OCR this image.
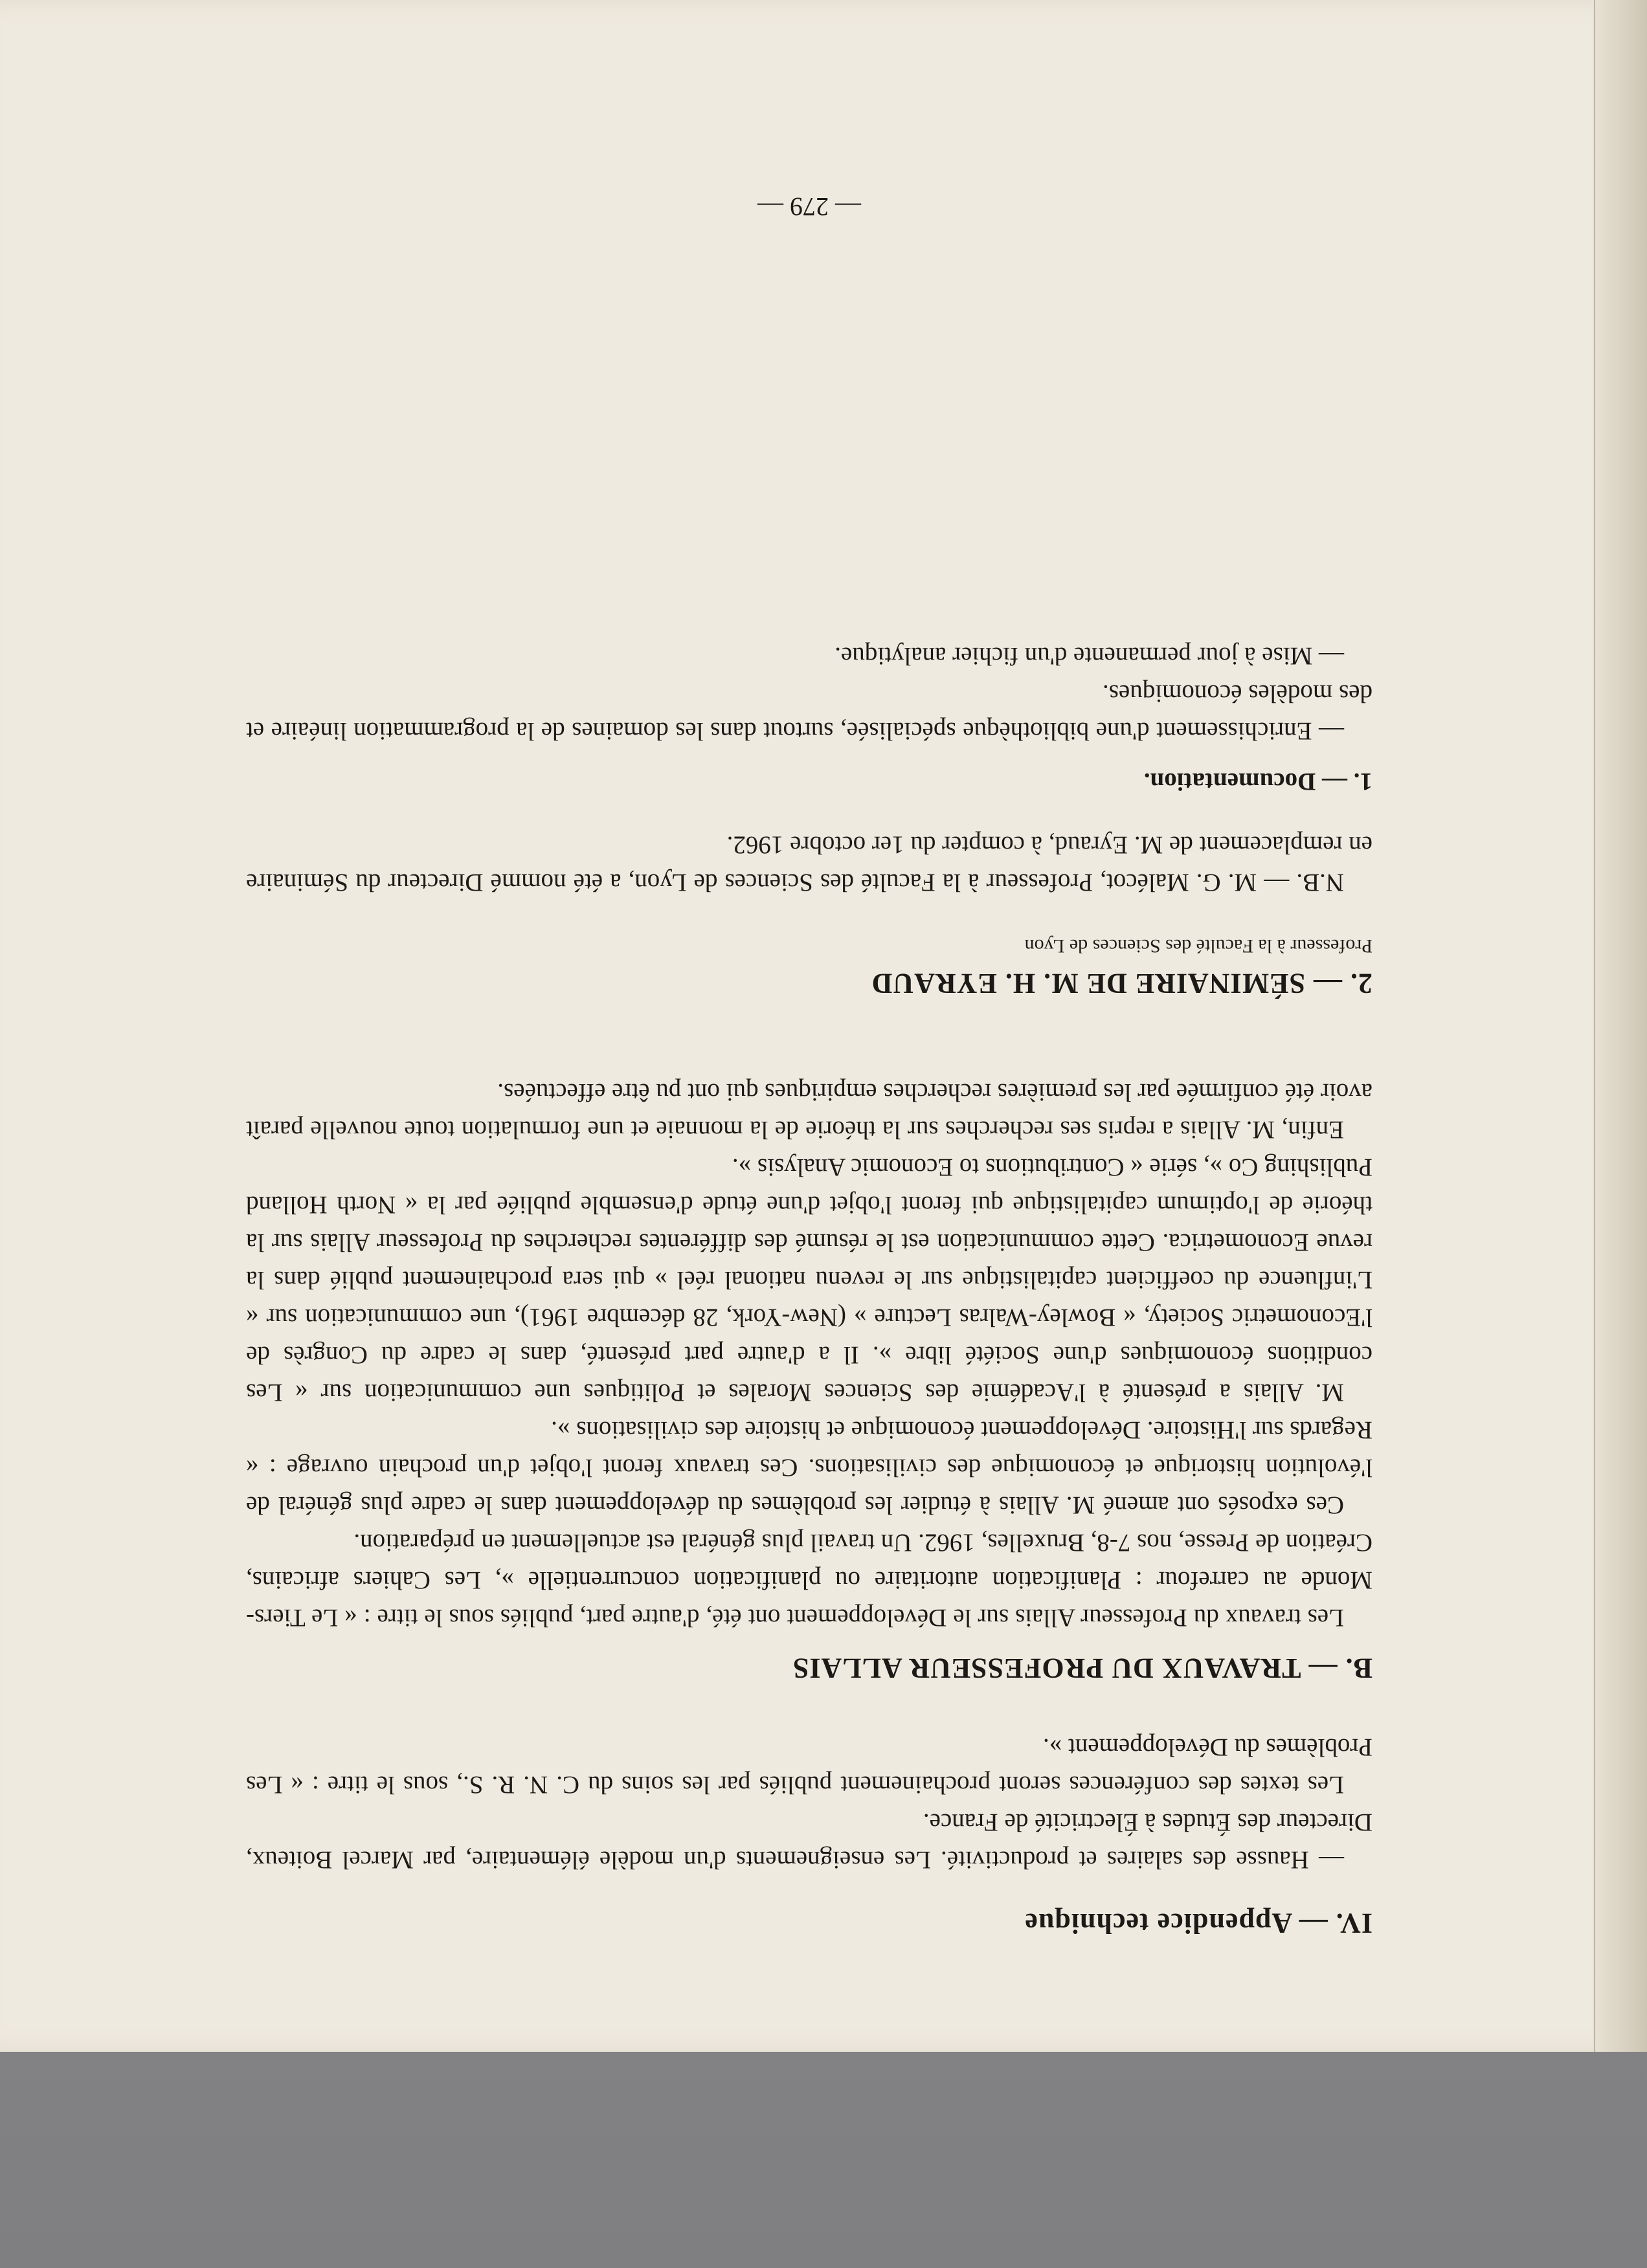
IV. — Appendice technique

— Hausse des salaires et productivité. Les enseignements d'un modèle élémentaire, par Marcel Boiteux, Directeur des Études à Électricité de France.

Les textes des conférences seront prochainement publiés par les soins du C. N. R. S., sous le titre : « Les Problèmes du Développement ».

B. — TRAVAUX DU PROFESSEUR ALLAIS

Les travaux du Professeur Allais sur le Développement ont été, d'autre part, publiés sous le titre : « Le Tiers-Monde au carrefour : Planification autoritaire ou planification concurrentielle », Les Cahiers africains, Création de Presse, nos 7-8, Bruxelles, 1962. Un travail plus général est actuellement en préparation.

Ces exposés ont amené M. Allais à étudier les problèmes du développement dans le cadre plus général de l'évolution historique et économique des civilisations. Ces travaux feront l'objet d'un prochain ouvrage : « Regards sur l'Histoire. Développement économique et histoire des civilisations ».

M. Allais a présenté à l'Académie des Sciences Morales et Politiques une communication sur « Les conditions économiques d'une Société libre ». Il a d'autre part présenté, dans le cadre du Congrès de l'Econometric Society, « Bowley-Walras Lecture » (New-York, 28 décembre 1961), une communication sur « L'influence du coefficient capitalistique sur le revenu national réel » qui sera prochainement publié dans la revue Econometrica. Cette communication est le résumé des différentes recherches du Professeur Allais sur la théorie de l'optimum capitalistique qui feront l'objet d'une étude d'ensemble publiée par la « North Holland Publishing Co », série « Contributions to Economic Analysis ».

Enfin, M. Allais a repris ses recherches sur la théorie de la monnaie et une formulation toute nouvelle paraît avoir été confirmée par les premières recherches empiriques qui ont pu être effectuées.

2. — SÉMINAIRE DE M. H. EYRAUD

Professeur à la Faculté des Sciences de Lyon

N.B. — M. G. Malécot, Professeur à la Faculté des Sciences de Lyon, a été nommé Directeur du Séminaire en remplacement de M. Eyraud, à compter du 1er octobre 1962.

1. — Documentation.

— Enrichissement d'une bibliothèque spécialisée, surtout dans les domaines de la programmation linéaire et des modèles économiques.

— Mise à jour permanente d'un fichier analytique.

— 279 —
